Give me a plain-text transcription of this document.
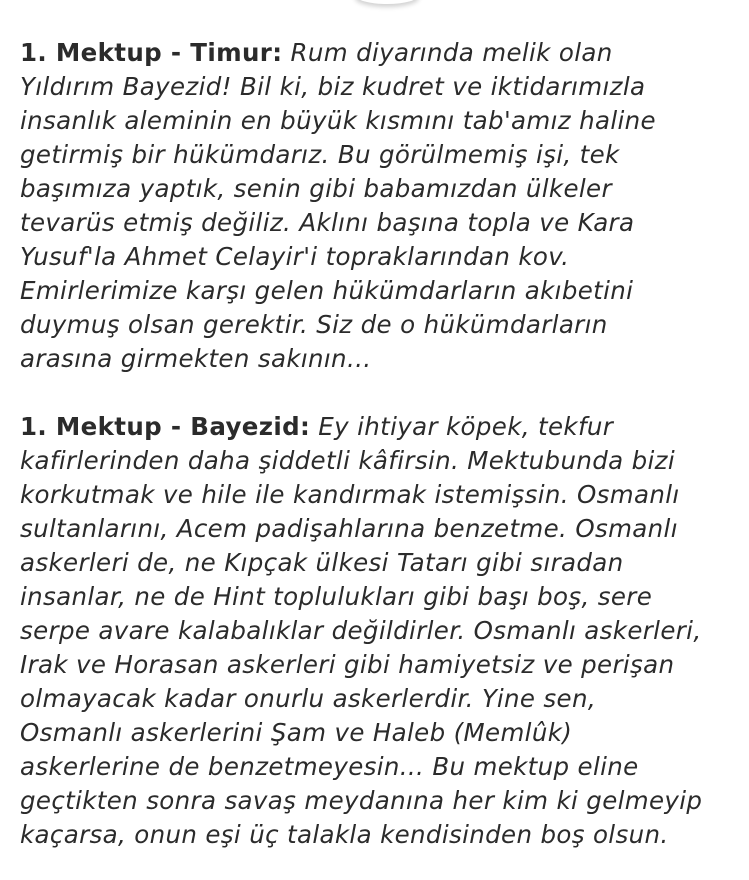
1. Mektup - Timur: Rum diyarında melik olan
Yıldırım Bayezid! Bil ki, biz kudret ve iktidarımızla
insanlık aleminin en büyük kısmını tab'amız haline
getirmiş bir hükümdarız. Bu görülmemiş işi, tek
başımıza yaptık, senin gibi babamızdan ülkeler
tevarüs etmiş değiliz. Aklını başına topla ve Kara
Yusuf'la Ahmet Celayir'i topraklarından kov.
Emirlerimize karşı gelen hükümdarların akıbetini
duymuş olsan gerektir. Siz de o hükümdarların
arasına girmekten sakının...

1. Mektup - Bayezid: Ey ihtiyar köpek, tekfur
kafirlerinden daha şiddetli kâfirsin. Mektubunda bizi
korkutmak ve hile ile kandırmak istemişsin. Osmanlı
sultanlarını, Acem padişahlarına benzetme. Osmanlı
askerleri de, ne Kıpçak ülkesi Tatarı gibi sıradan
insanlar, ne de Hint toplulukları gibi başı boş, sere
serpe avare kalabalıklar değildirler. Osmanlı askerleri,
Irak ve Horasan askerleri gibi hamiyetsiz ve perişan
olmayacak kadar onurlu askerlerdir. Yine sen,
Osmanlı askerlerini Şam ve Haleb (Memlûk)
askerlerine de benzetmeyesin... Bu mektup eline
geçtikten sonra savaş meydanına her kim ki gelmeyip
kaçarsa, onun eşi üç talakla kendisinden boş olsun.
